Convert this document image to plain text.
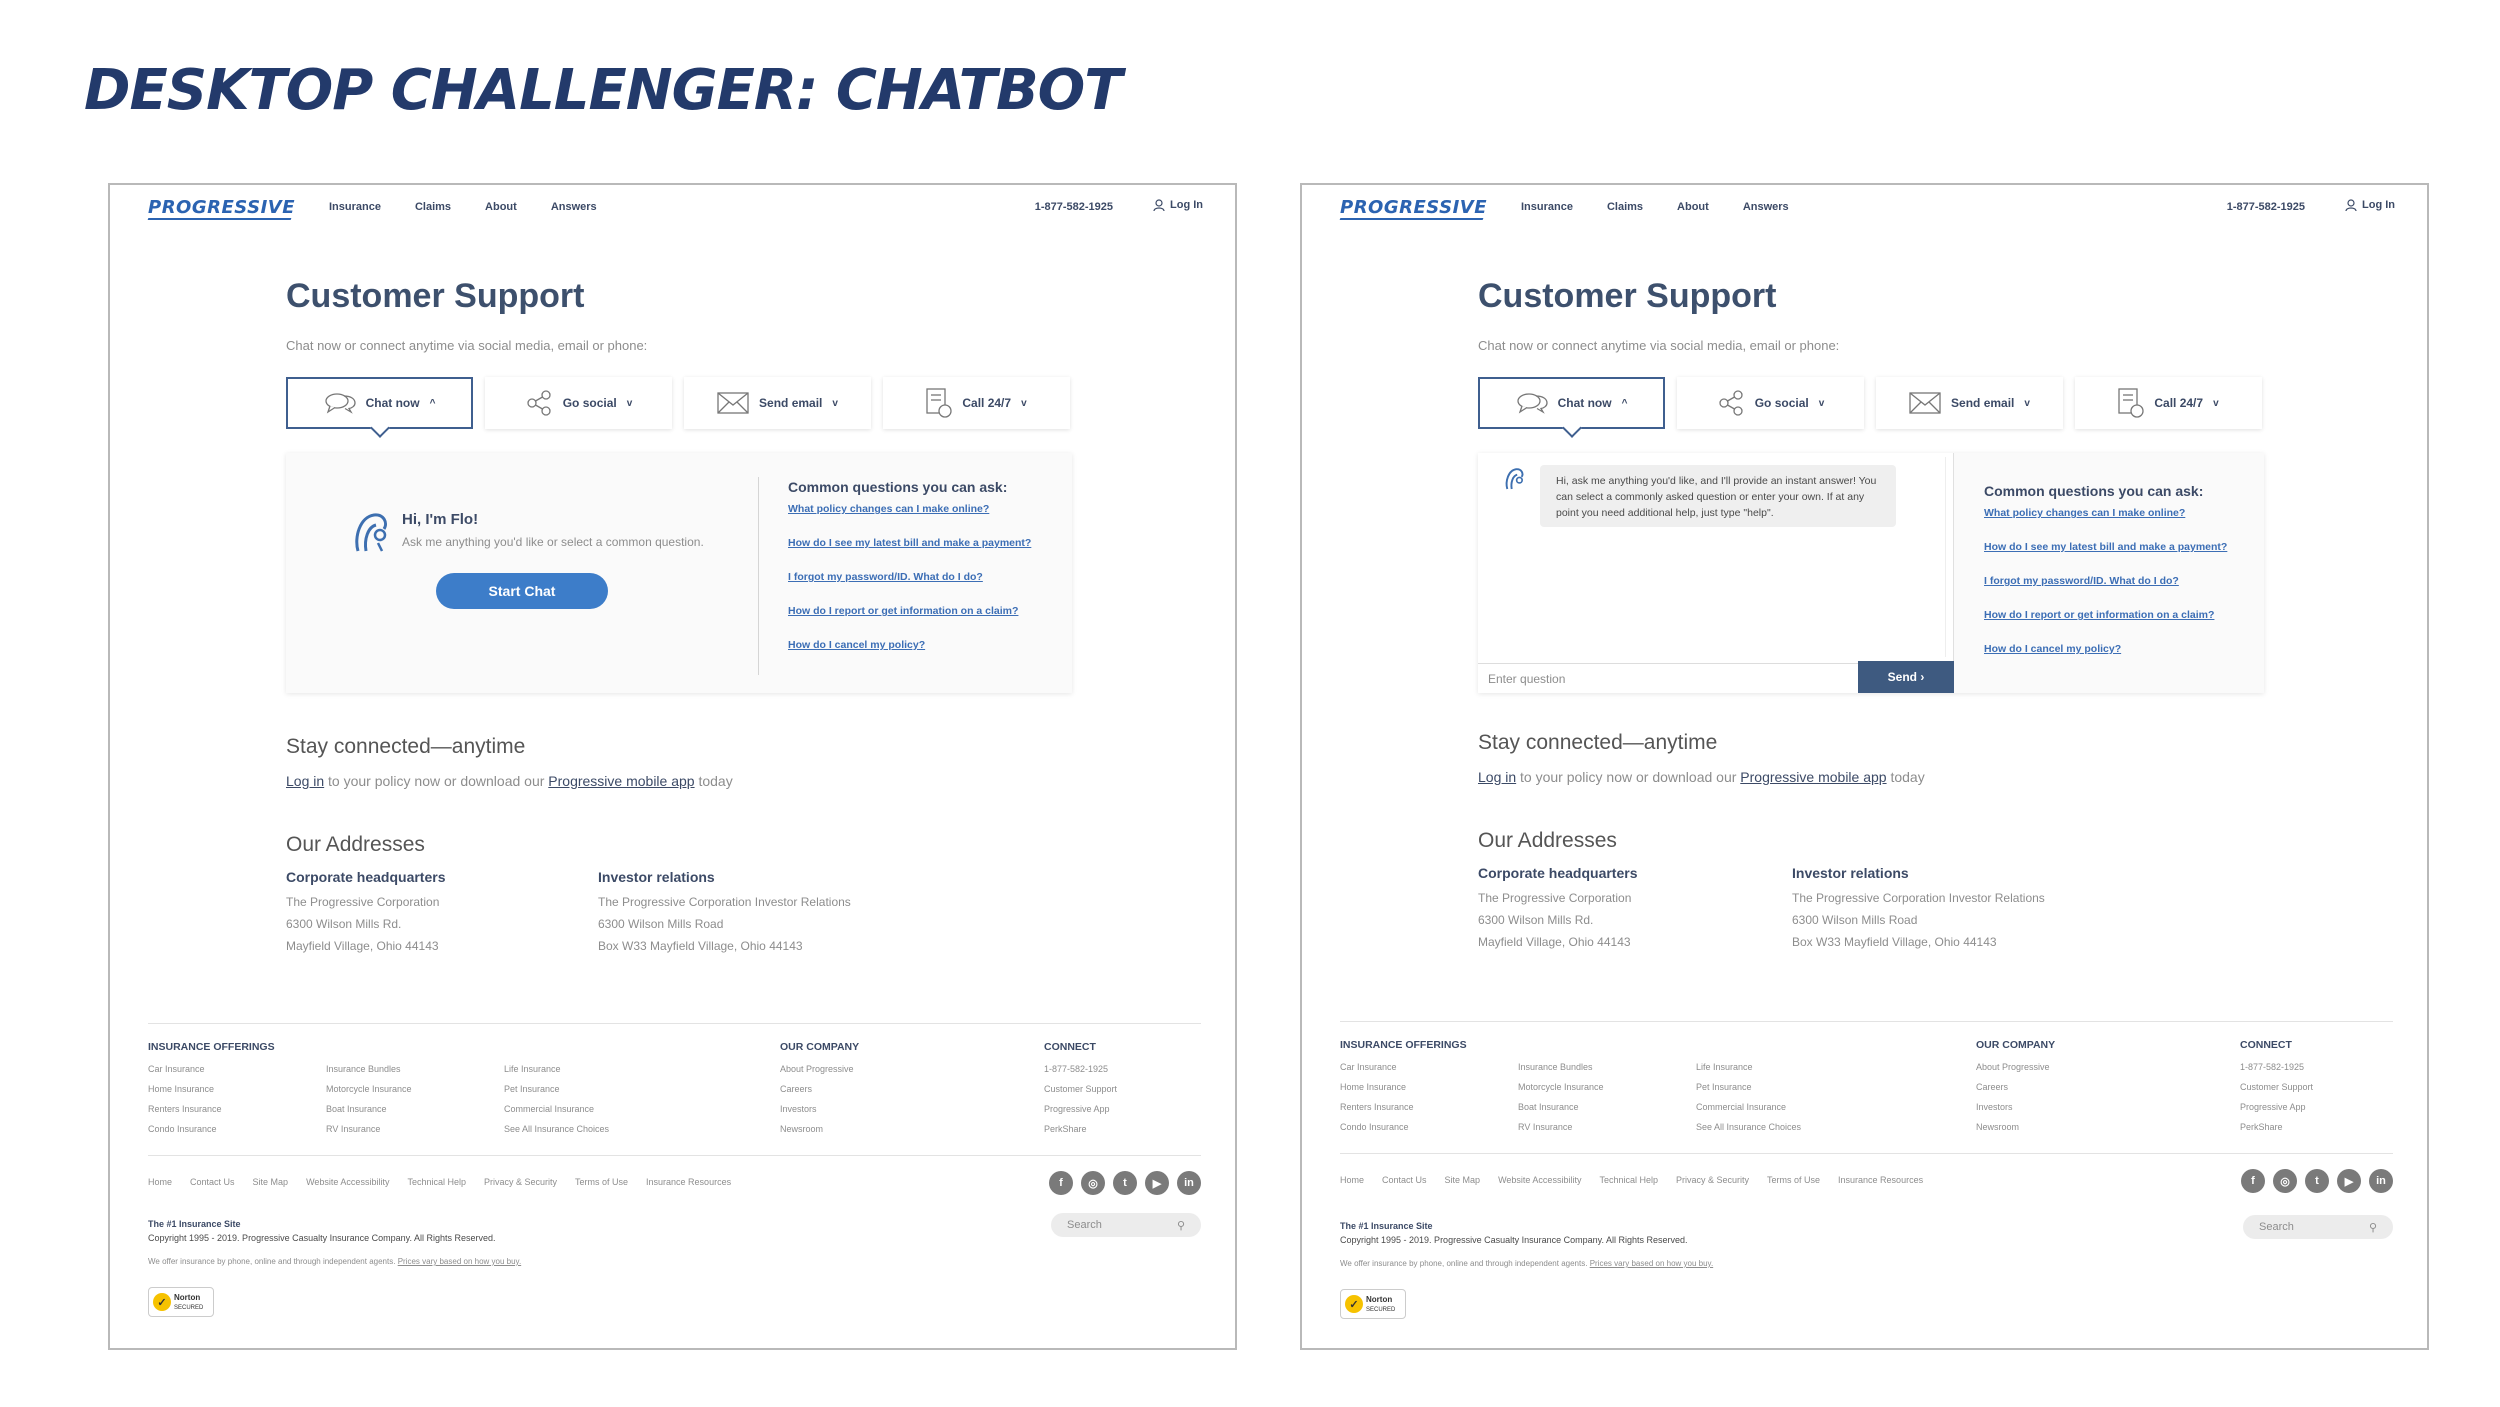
DESKTOP CHALLENGER: CHATBOT
PROGRESSIVE	Insurance	Claims	About	Answers	1-877-582-1925	Log In
Customer Support
Chat now or connect anytime via social media, email or phone:
Chat now ^	Go social v	Send email v	Call 24/7 v
Hi, I'm Flo!
Ask me anything you'd like or select a common question.
Start Chat
Common questions you can ask:
What policy changes can I make online?
How do I see my latest bill and make a payment?
I forgot my password/ID. What do I do?
How do I report or get information on a claim?
How do I cancel my policy?
Stay connected—anytime
Log in to your policy now or download our Progressive mobile app today
Our Addresses
Corporate headquarters
The Progressive Corporation
6300 Wilson Mills Rd.
Mayfield Village, Ohio 44143
Investor relations
The Progressive Corporation Investor Relations
6300 Wilson Mills Road
Box W33 Mayfield Village, Ohio 44143
INSURANCE OFFERINGS
Car Insurance
Home Insurance
Renters Insurance
Condo Insurance
Insurance Bundles
Motorcycle Insurance
Boat Insurance
RV Insurance
Life Insurance
Pet Insurance
Commercial Insurance
See All Insurance Choices
OUR COMPANY
About Progressive
Careers
Investors
Newsroom
CONNECT
1-877-582-1925
Customer Support
Progressive App
PerkShare
Home Contact Us Site Map Website Accessibility Technical Help Privacy & Security Terms of Use Insurance Resources	f	◎	t	▶	in
Search	⚲
The #1 Insurance Site
Copyright 1995 - 2019. Progressive Casualty Insurance Company. All Rights Reserved.
We offer insurance by phone, online and through independent agents. Prices vary based on how you buy.
✓ Norton
SECURED
PROGRESSIVE	Insurance	Claims	About	Answers	1-877-582-1925	Log In
Customer Support
Chat now or connect anytime via social media, email or phone:
Chat now ^	Go social v	Send email v	Call 24/7 v
Hi, ask me anything you'd like, and I'll provide an instant answer! You can select a commonly asked question or enter your own. If at any point you need additional help, just type "help".
Enter question	Send
›
Common questions you can ask:
What policy changes can I make online?
How do I see my latest bill and make a payment?
I forgot my password/ID. What do I do?
How do I report or get information on a claim?
How do I cancel my policy?
Stay connected—anytime
Log in to your policy now or download our Progressive mobile app today
Our Addresses
Corporate headquarters
The Progressive Corporation
6300 Wilson Mills Rd.
Mayfield Village, Ohio 44143
Investor relations
The Progressive Corporation Investor Relations
6300 Wilson Mills Road
Box W33 Mayfield Village, Ohio 44143
INSURANCE OFFERINGS
Car Insurance
Home Insurance
Renters Insurance
Condo Insurance
Insurance Bundles
Motorcycle Insurance
Boat Insurance
RV Insurance
Life Insurance
Pet Insurance
Commercial Insurance
See All Insurance Choices
OUR COMPANY
About Progressive
Careers
Investors
Newsroom
CONNECT
1-877-582-1925
Customer Support
Progressive App
PerkShare
Home Contact Us Site Map Website Accessibility Technical Help Privacy & Security Terms of Use Insurance Resources	f	◎	t	▶	in
Search	⚲
The #1 Insurance Site
Copyright 1995 - 2019. Progressive Casualty Insurance Company. All Rights Reserved.
We offer insurance by phone, online and through independent agents. Prices vary based on how you buy.
✓ Norton
SECURED
